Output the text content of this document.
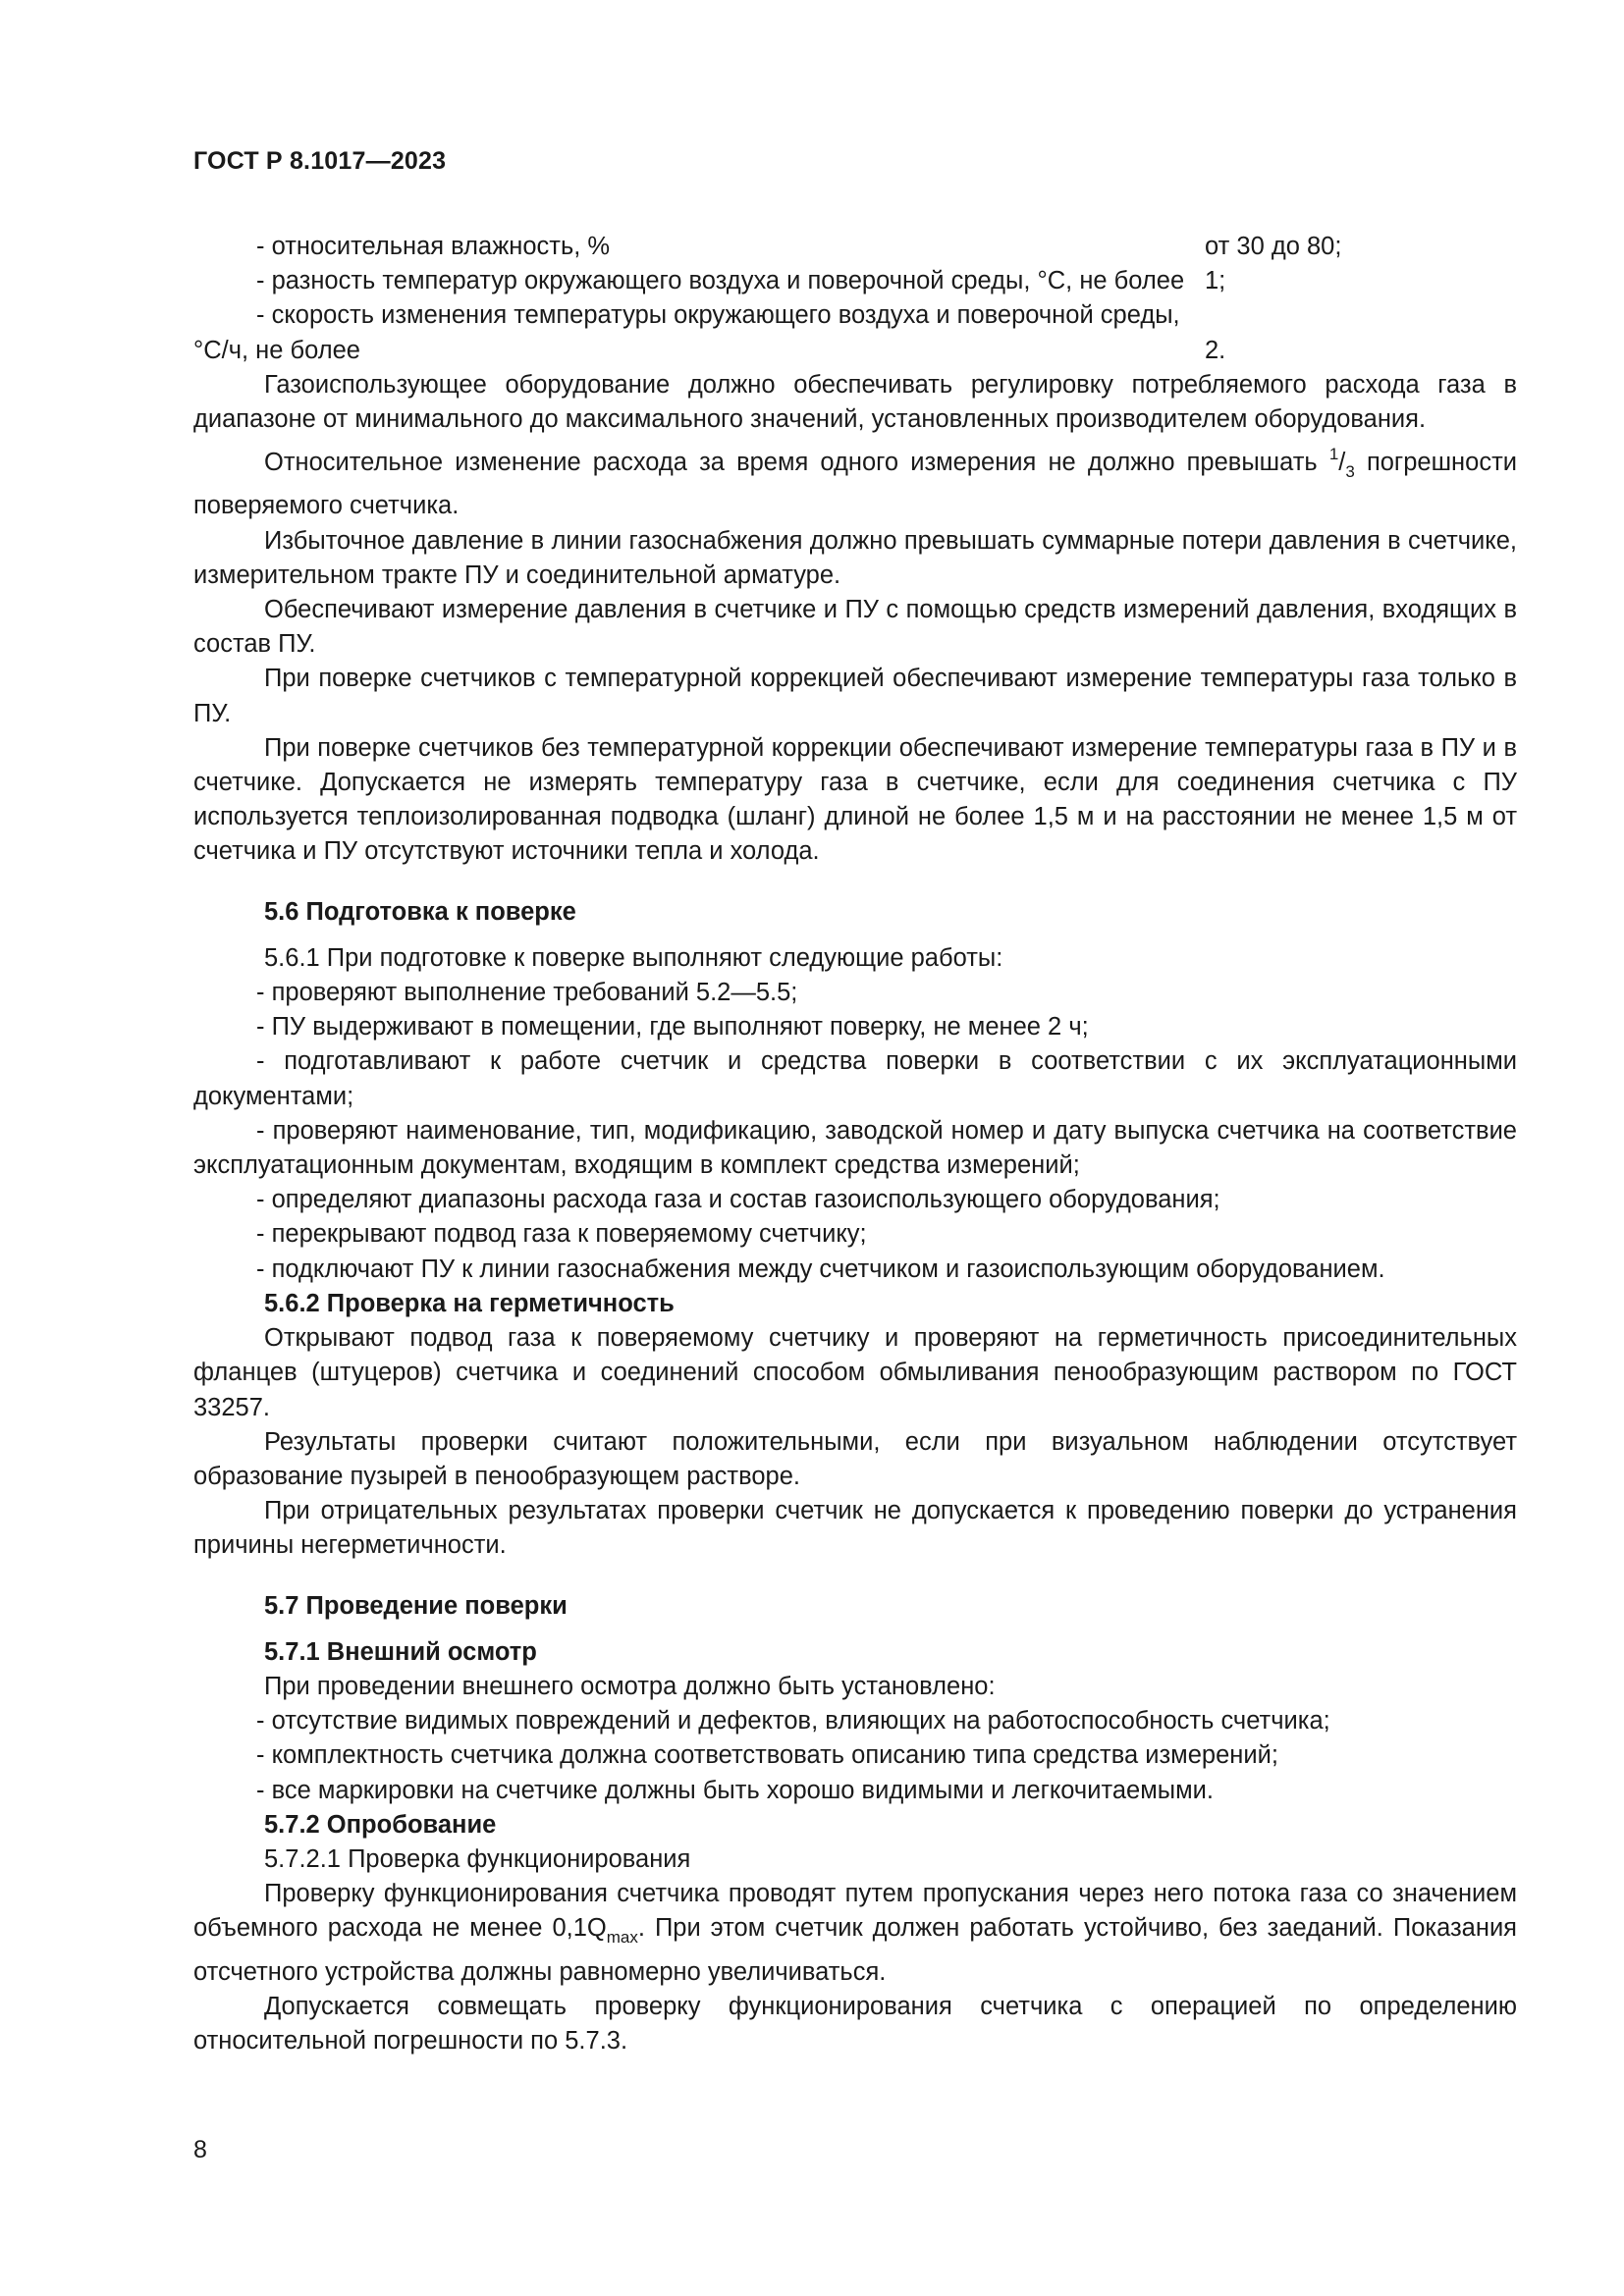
ГОСТ Р 8.1017—2023
- относительная влажность, %	от 30 до 80;
- разность температур окружающего воздуха и поверочной среды, °С, не более 1;
- скорость изменения температуры окружающего воздуха и поверочной среды, °С/ч, не более	2.

Газоиспользующее оборудование должно обеспечивать регулировку потребляемого расхода газа в диапазоне от минимального до максимального значений, установленных производителем оборудования.

Относительное изменение расхода за время одного измерения не должно превышать $^1/_3$ погрешности поверяемого счетчика.

Избыточное давление в линии газоснабжения должно превышать суммарные потери давления в счетчике, измерительном тракте ПУ и соединительной арматуре.

Обеспечивают измерение давления в счетчике и ПУ с помощью средств измерений давления, входящих в состав ПУ.

При поверке счетчиков с температурной коррекцией обеспечивают измерение температуры газа только в ПУ.

При поверке счетчиков без температурной коррекции обеспечивают измерение температуры газа в ПУ и в счетчике. Допускается не измерять температуру газа в счетчике, если для соединения счетчика с ПУ используется теплоизолированная подводка (шланг) длиной не более 1,5 м и на расстоянии не менее 1,5 м от счетчика и ПУ отсутствуют источники тепла и холода.

5.6 Подготовка к поверке

5.6.1 При подготовке к поверке выполняют следующие работы:

- проверяют выполнение требований 5.2—5.5;

- ПУ выдерживают в помещении, где выполняют поверку, не менее 2 ч;

- подготавливают к работе счетчик и средства поверки в соответствии с их эксплуатационными документами;

- проверяют наименование, тип, модификацию, заводской номер и дату выпуска счетчика на соответствие эксплуатационным документам, входящим в комплект средства измерений;

- определяют диапазоны расхода газа и состав газоиспользующего оборудования;

- перекрывают подвод газа к поверяемому счетчику;

- подключают ПУ к линии газоснабжения между счетчиком и газоиспользующим оборудованием.

5.6.2 Проверка на герметичность

Открывают подвод газа к поверяемому счетчику и проверяют на герметичность присоединительных фланцев (штуцеров) счетчика и соединений способом обмыливания пенообразующим раствором по ГОСТ 33257.

Результаты проверки считают положительными, если при визуальном наблюдении отсутствует образование пузырей в пенообразующем растворе.

При отрицательных результатах проверки счетчик не допускается к проведению поверки до устранения причины негерметичности.

5.7 Проведение поверки

5.7.1 Внешний осмотр

При проведении внешнего осмотра должно быть установлено:

- отсутствие видимых повреждений и дефектов, влияющих на работоспособность счетчика;

- комплектность счетчика должна соответствовать описанию типа средства измерений;

- все маркировки на счетчике должны быть хорошо видимыми и легкочитаемыми.

5.7.2 Опробование

5.7.2.1 Проверка функционирования

Проверку функционирования счетчика проводят путем пропускания через него потока газа со значением объемного расхода не менее $0,1Q_{max}$. При этом счетчик должен работать устойчиво, без заеданий. Показания отсчетного устройства должны равномерно увеличиваться.

Допускается совмещать проверку функционирования счетчика с операцией по определению относительной погрешности по 5.7.3.

8
